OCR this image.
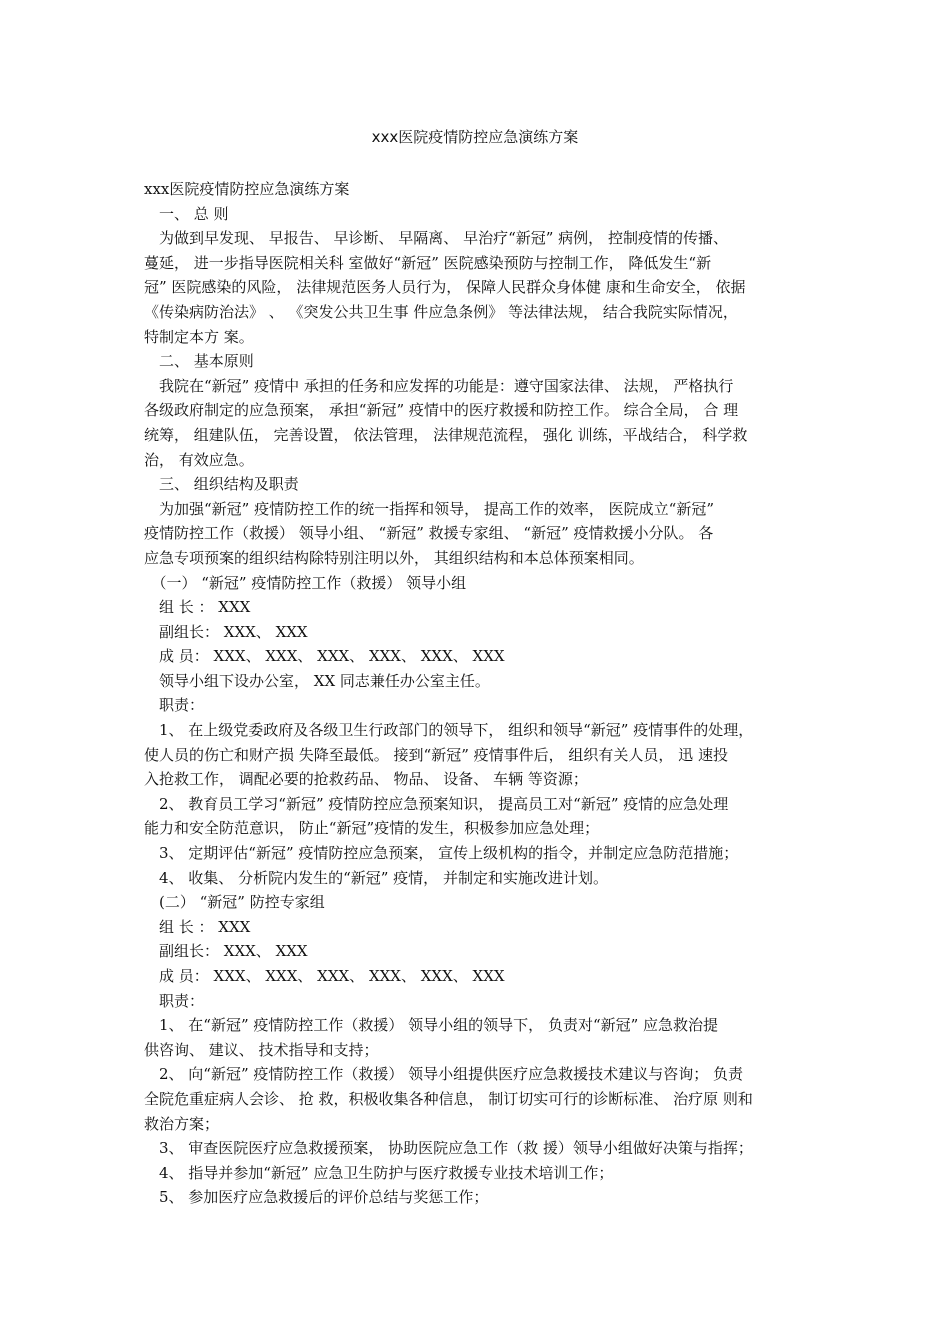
xxx医院疫情防控应急演练方案

xxx医院疫情防控应急演练方案

　一、 总 则

　为做到早发现、 早报告、 早诊断、 早隔离、 早治疗“新冠” 病例， 控制疫情的传播、

蔓延， 进一步指导医院相关科 室做好“新冠” 医院感染预防与控制工作， 降低发生“新

冠” 医院感染的风险， 法律规范医务人员行为， 保障人民群众身体健 康和生命安全， 依据

《传染病防治法》 、 《突发公共卫生事 件应急条例》 等法律法规， 结合我院实际情况，

特制定本方 案。

　二、 基本原则

　我院在“新冠” 疫情中 承担的任务和应发挥的功能是：遵守国家法律、 法规， 严格执行

各级政府制定的应急预案， 承担“新冠” 疫情中的医疗救援和防控工作。 综合全局， 合 理

统筹， 组建队伍， 完善设置， 依法管理， 法律规范流程， 强化 训练，平战结合， 科学救

治， 有效应急。

　三、 组织结构及职责

　为加强“新冠” 疫情防控工作的统一指挥和领导， 提高工作的效率， 医院成立“新冠”

疫情防控工作（救援） 领导小组、 “新冠” 救援专家组、 “新冠” 疫情救援小分队。 各

应急专项预案的组织结构除特别注明以外， 其组织结构和本总体预案相同。

　（一） “新冠” 疫情防控工作（救援） 领导小组

　组 长 ： XXX

　副组长： XXX、 XXX

　成 员： XXX、 XXX、 XXX、 XXX、 XXX、 XXX

　领导小组下设办公室， XX 同志兼任办公室主任。

　职责：

　1、 在上级党委政府及各级卫生行政部门的领导下， 组织和领导“新冠” 疫情事件的处理，

使人员的伤亡和财产损 失降至最低。 接到“新冠” 疫情事件后， 组织有关人员， 迅 速投

入抢救工作， 调配必要的抢救药品、 物品、 设备、 车辆 等资源；

　2、 教育员工学习“新冠” 疫情防控应急预案知识， 提高员工对“新冠” 疫情的应急处理

能力和安全防范意识， 防止“新冠”疫情的发生，积极参加应急处理；

　3、 定期评估“新冠” 疫情防控应急预案， 宣传上级机构的指令，并制定应急防范措施；

　4、 收集、 分析院内发生的“新冠” 疫情， 并制定和实施改进计划。

　(二） “新冠” 防控专家组

　组 长 ： XXX

　副组长： XXX、 XXX

　成 员： XXX、 XXX、 XXX、 XXX、 XXX、 XXX

　职责：

　1、 在“新冠” 疫情防控工作（救援） 领导小组的领导下， 负责对“新冠” 应急救治提

供咨询、 建议、 技术指导和支持；

　2、 向“新冠” 疫情防控工作（救援） 领导小组提供医疗应急救援技术建议与咨询； 负责

全院危重症病人会诊、 抢 救，积极收集各种信息， 制订切实可行的诊断标准、 治疗原 则和

救治方案；

　3、 审查医院医疗应急救援预案， 协助医院应急工作（救 援）领导小组做好决策与指挥；

　4、 指导并参加“新冠” 应急卫生防护与医疗救援专业技术培训工作；

　5、 参加医疗应急救援后的评价总结与奖惩工作；
